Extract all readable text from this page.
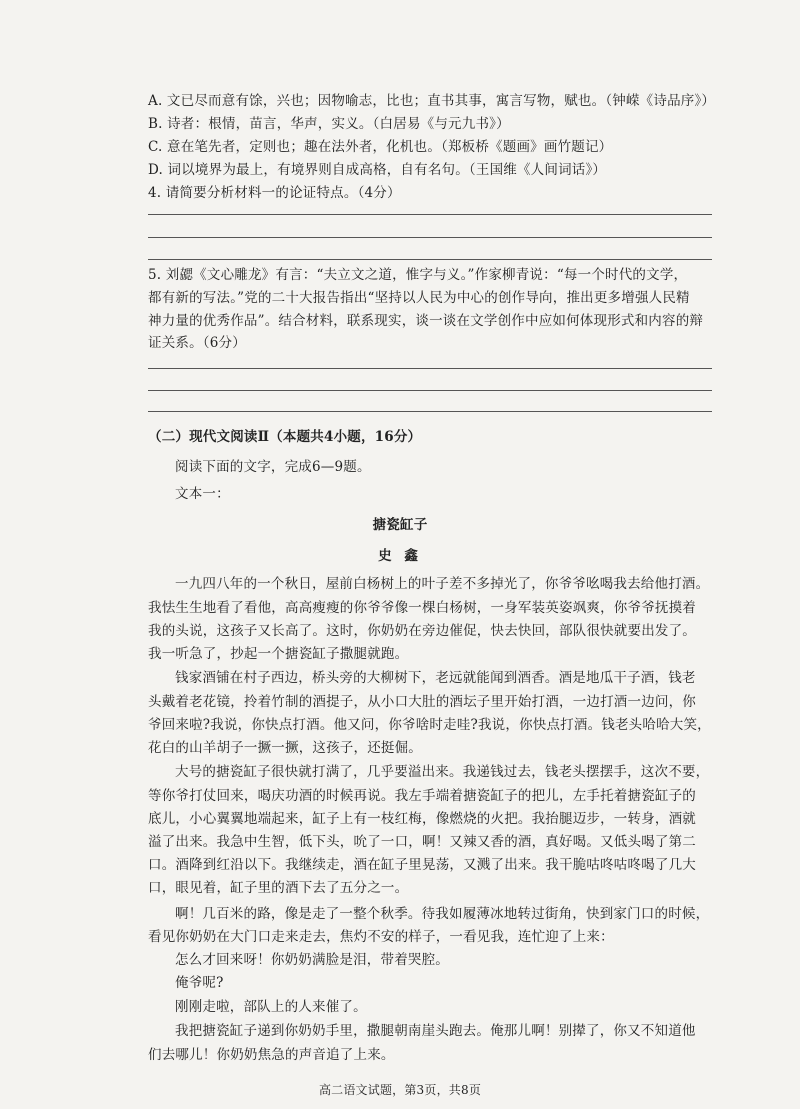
A. 文已尽而意有馀，兴也；因物喻志，比也；直书其事，寓言写物，赋也。（钟嵘《诗品序》）
B. 诗者：根情，苗言，华声，实义。（白居易《与元九书》）
C. 意在笔先者，定则也；趣在法外者，化机也。（郑板桥《题画》画竹题记）
D. 词以境界为最上，有境界则自成高格，自有名句。（王国维《人间词话》）
4. 请简要分析材料一的论证特点。（4分）
5. 刘勰《文心雕龙》有言：“夫立文之道，惟字与义。”作家柳青说：“每一个时代的文学，
都有新的写法。”党的二十大报告指出“坚持以人民为中心的创作导向，推出更多增强人民精
神力量的优秀作品”。结合材料，联系现实，谈一谈在文学创作中应如何体现形式和内容的辩
证关系。（6分）
（二）现代文阅读Ⅱ（本题共4小题，16分）
阅读下面的文字，完成6—9题。
文本一：
搪瓷缸子
史 鑫
一九四八年的一个秋日，屋前白杨树上的叶子差不多掉光了，你爷爷吆喝我去给他打酒。
我怯生生地看了看他，高高瘦瘦的你爷爷像一棵白杨树，一身军装英姿飒爽，你爷爷抚摸着
我的头说，这孩子又长高了。这时，你奶奶在旁边催促，快去快回，部队很快就要出发了。
我一听急了，抄起一个搪瓷缸子撒腿就跑。
钱家酒铺在村子西边，桥头旁的大柳树下，老远就能闻到酒香。酒是地瓜干子酒，钱老
头戴着老花镜，拎着竹制的酒提子，从小口大肚的酒坛子里开始打酒，一边打酒一边问，你
爷回来啦?我说，你快点打酒。他又问，你爷啥时走哇?我说，你快点打酒。钱老头哈哈大笑，
花白的山羊胡子一撅一撅，这孩子，还挺倔。
大号的搪瓷缸子很快就打满了，几乎要溢出来。我递钱过去，钱老头摆摆手，这次不要，
等你爷打仗回来，喝庆功酒的时候再说。我左手端着搪瓷缸子的把儿，左手托着搪瓷缸子的
底儿，小心翼翼地端起来，缸子上有一枝红梅，像燃烧的火把。我抬腿迈步，一转身，酒就
溢了出来。我急中生智，低下头，吮了一口，啊！又辣又香的酒，真好喝。又低头喝了第二
口。酒降到红沿以下。我继续走，酒在缸子里晃荡，又溅了出来。我干脆咕咚咕咚喝了几大
口，眼见着，缸子里的酒下去了五分之一。
啊！几百米的路，像是走了一整个秋季。待我如履薄冰地转过街角，快到家门口的时候，
看见你奶奶在大门口走来走去，焦灼不安的样子，一看见我，连忙迎了上来：
怎么才回来呀！你奶奶满脸是泪，带着哭腔。
俺爷呢?
刚刚走啦，部队上的人来催了。
我把搪瓷缸子递到你奶奶手里，撒腿朝南崖头跑去。俺那儿啊！别撵了，你又不知道他
们去哪儿！你奶奶焦急的声音追了上来。
高二语文试题，第3页，共8页
